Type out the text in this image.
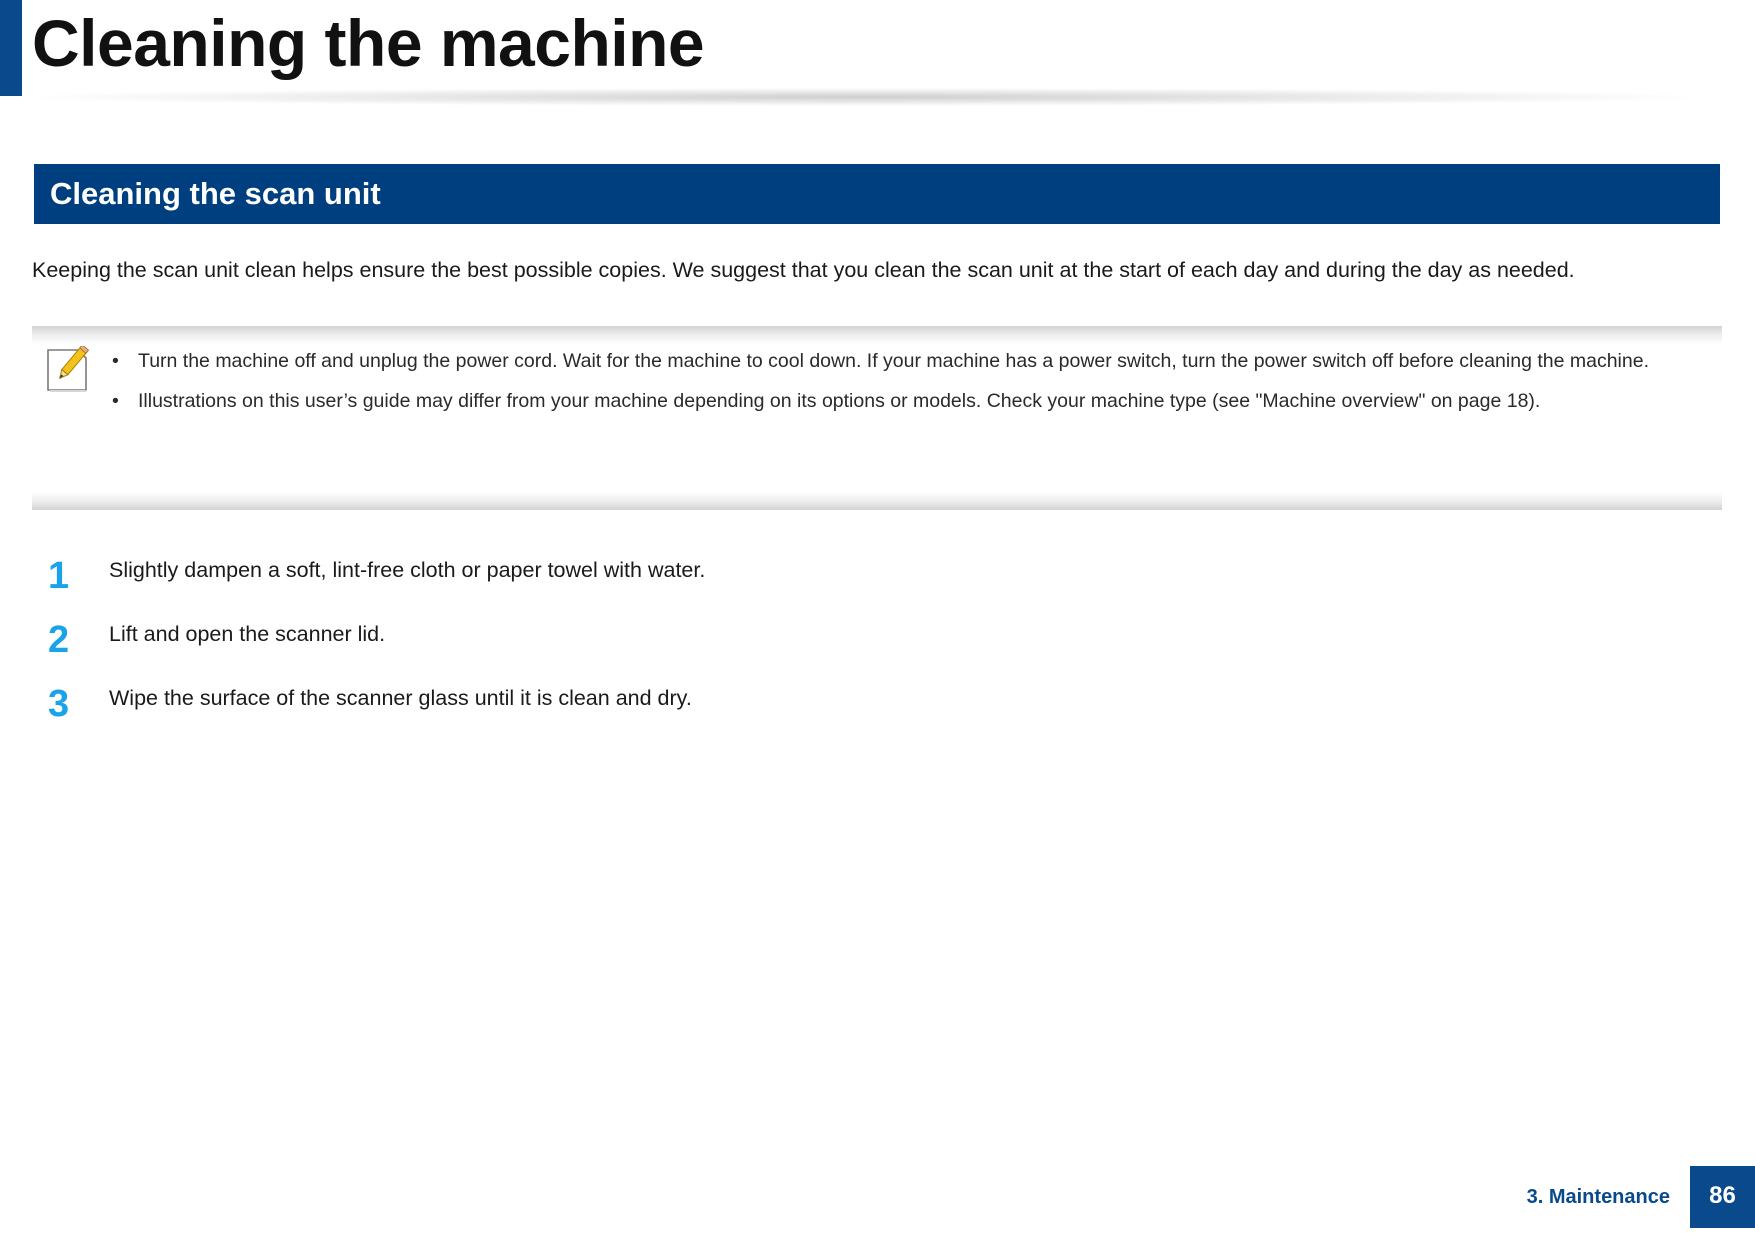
Cleaning the machine
Cleaning the scan unit
Keeping the scan unit clean helps ensure the best possible copies. We suggest that you clean the scan unit at the start of each day and during the day as needed.
• Turn the machine off and unplug the power cord. Wait for the machine to cool down. If your machine has a power switch, turn the power switch off before cleaning the machine.
• Illustrations on this user’s guide may differ from your machine depending on its options or models. Check your machine type (see "Machine overview" on page 18).
1 Slightly dampen a soft, lint-free cloth or paper towel with water.
2 Lift and open the scanner lid.
3 Wipe the surface of the scanner glass until it is clean and dry.
3. Maintenance	86
